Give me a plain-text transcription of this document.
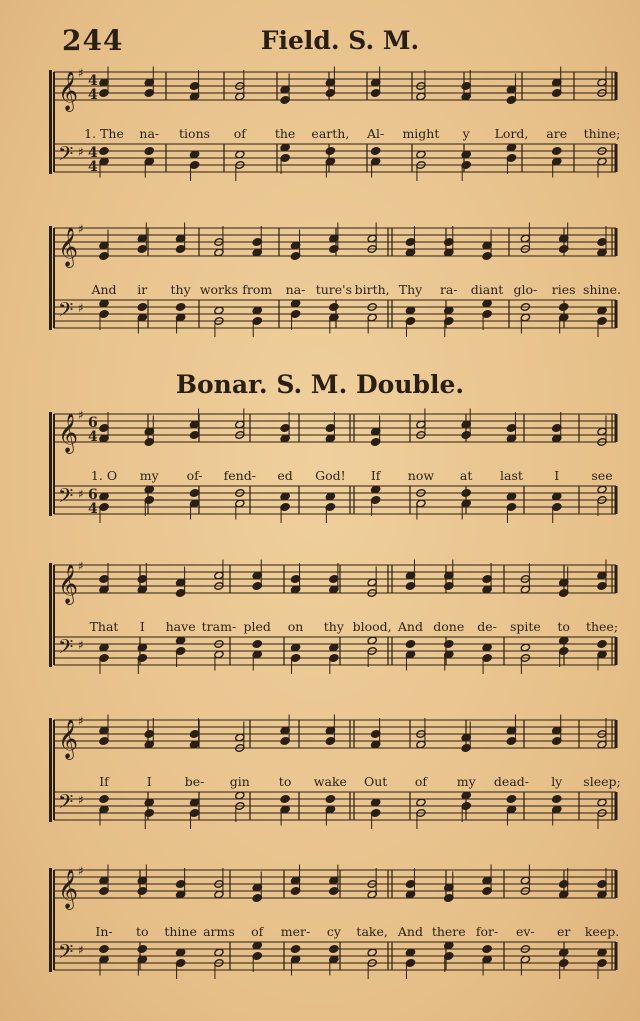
244	Field. S. M.
Bonar. S. M. Double.
𝄞
𝄢
♯
♯
4
4
4
4
1. The na- tions of the earth, Al- might y Lord, are thine;
𝄞
𝄢
♯
♯
And ir thy works from na- ture's birth, Thy ra- diant glo- ries shine.
𝄞
𝄢
♯
♯
6
4
6
4
1. O my of- fend- ed God! If now at last	I	see
𝄞
𝄢
♯
♯
That I have tram- pled on thy blood, And done de- spite to thee;
𝄞
𝄢
♯
♯
If	I	be- gin to wake Out of my dead- ly sleep;
𝄞
𝄢
♯
♯
In- to thine arms of mer- cy take, And there for- ev- er keep.
